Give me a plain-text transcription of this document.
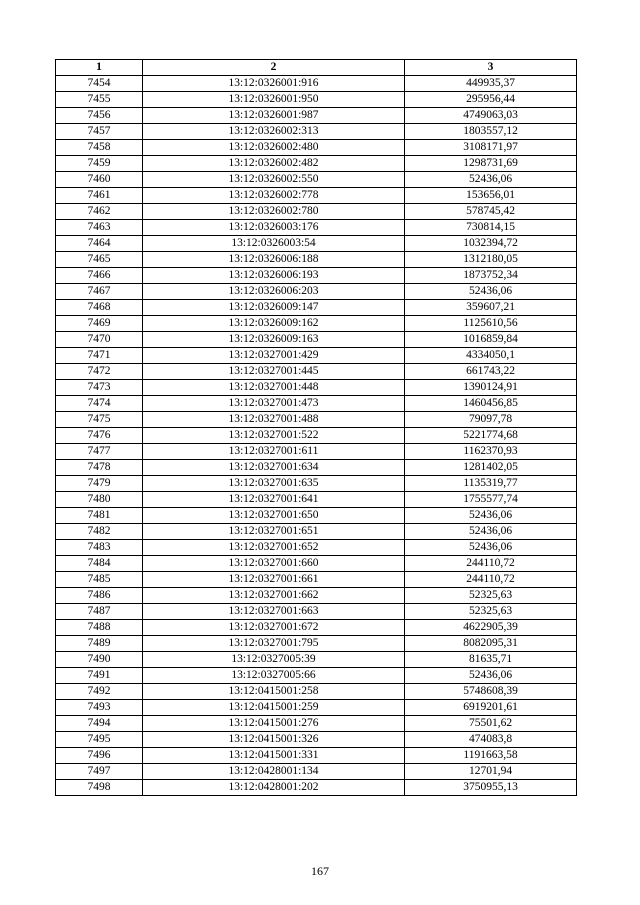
1	2	3
7454	13:12:0326001:916	449935,37
7455	13:12:0326001:950	295956,44
7456	13:12:0326001:987	4749063,03
7457	13:12:0326002:313	1803557,12
7458	13:12:0326002:480	3108171,97
7459	13:12:0326002:482	1298731,69
7460	13:12:0326002:550	52436,06
7461	13:12:0326002:778	153656,01
7462	13:12:0326002:780	578745,42
7463	13:12:0326003:176	730814,15
7464	13:12:0326003:54	1032394,72
7465	13:12:0326006:188	1312180,05
7466	13:12:0326006:193	1873752,34
7467	13:12:0326006:203	52436,06
7468	13:12:0326009:147	359607,21
7469	13:12:0326009:162	1125610,56
7470	13:12:0326009:163	1016859,84
7471	13:12:0327001:429	4334050,1
7472	13:12:0327001:445	661743,22
7473	13:12:0327001:448	1390124,91
7474	13:12:0327001:473	1460456,85
7475	13:12:0327001:488	79097,78
7476	13:12:0327001:522	5221774,68
7477	13:12:0327001:611	1162370,93
7478	13:12:0327001:634	1281402,05
7479	13:12:0327001:635	1135319,77
7480	13:12:0327001:641	1755577,74
7481	13:12:0327001:650	52436,06
7482	13:12:0327001:651	52436,06
7483	13:12:0327001:652	52436,06
7484	13:12:0327001:660	244110,72
7485	13:12:0327001:661	244110,72
7486	13:12:0327001:662	52325,63
7487	13:12:0327001:663	52325,63
7488	13:12:0327001:672	4622905,39
7489	13:12:0327001:795	8082095,31
7490	13:12:0327005:39	81635,71
7491	13:12:0327005:66	52436,06
7492	13:12:0415001:258	5748608,39
7493	13:12:0415001:259	6919201,61
7494	13:12:0415001:276	75501,62
7495	13:12:0415001:326	474083,8
7496	13:12:0415001:331	1191663,58
7497	13:12:0428001:134	12701,94
7498	13:12:0428001:202	3750955,13
167
